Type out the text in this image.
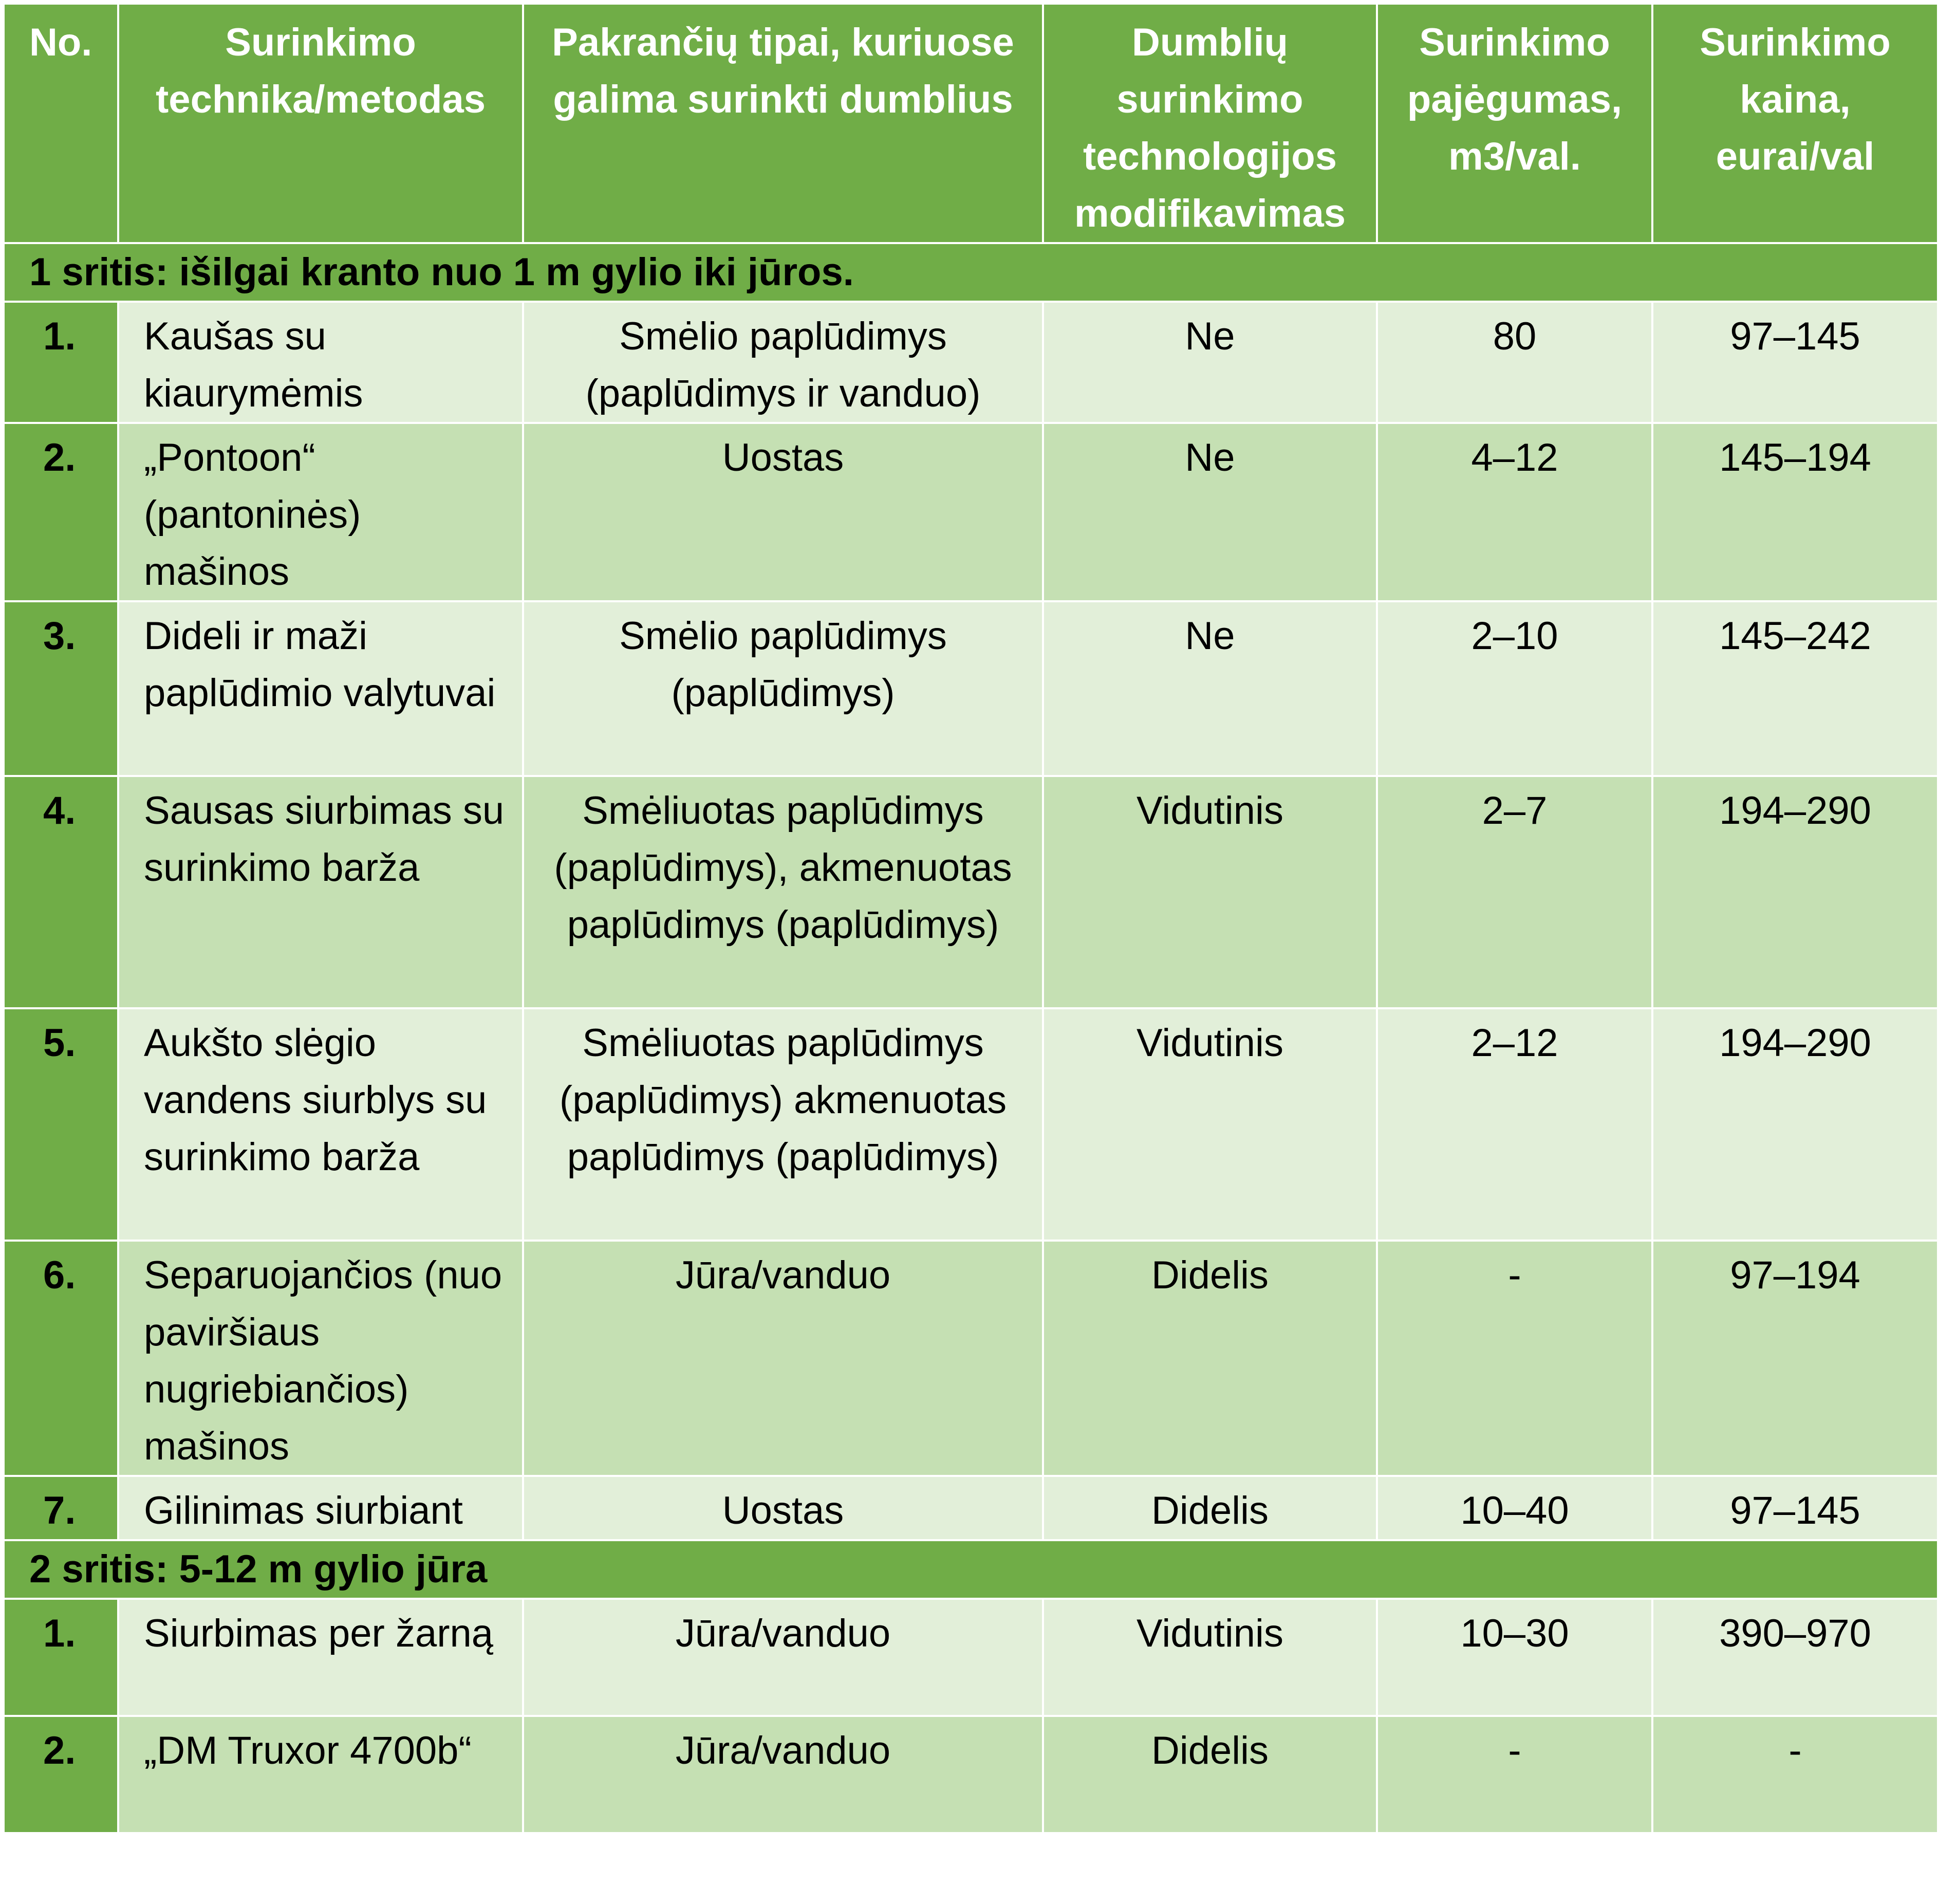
No.	Surinkimo technika/metodas	Pakrančių tipai, kuriuose galima surinkti dumblius	Dumblių surinkimo technologijos modifikavimas	Surinkimo pajėgumas, m3/val.	Surinkimo kaina, eurai/val
1 sritis: išilgai kranto nuo 1 m gylio iki jūros.					
1.	Kaušas su kiaurymėmis	Smėlio paplūdimys (paplūdimys ir vanduo)	Ne	80	97–145
2.	„Pontoon“ (pantoninės) mašinos	Uostas	Ne	4–12	145–194
3.	Dideli ir maži paplūdimio valytuvai	Smėlio paplūdimys (paplūdimys)	Ne	2–10	145–242
4.	Sausas siurbimas su surinkimo barža	Smėliuotas paplūdimys (paplūdimys), akmenuotas paplūdimys (paplūdimys)	Vidutinis	2–7	194–290
5.	Aukšto slėgio vandens siurblys su surinkimo barža	Smėliuotas paplūdimys (paplūdimys) akmenuotas paplūdimys (paplūdimys)	Vidutinis	2–12	194–290
6.	Separuojančios (nuo paviršiaus nugriebiančios) mašinos	Jūra/vanduo	Didelis	-	97–194
7.	Gilinimas siurbiant	Uostas	Didelis	10–40	97–145
2 sritis: 5-12 m gylio jūra					
1.	Siurbimas per žarną	Jūra/vanduo	Vidutinis	10–30	390–970
2.	„DM Truxor 4700b“	Jūra/vanduo	Didelis	-	-
